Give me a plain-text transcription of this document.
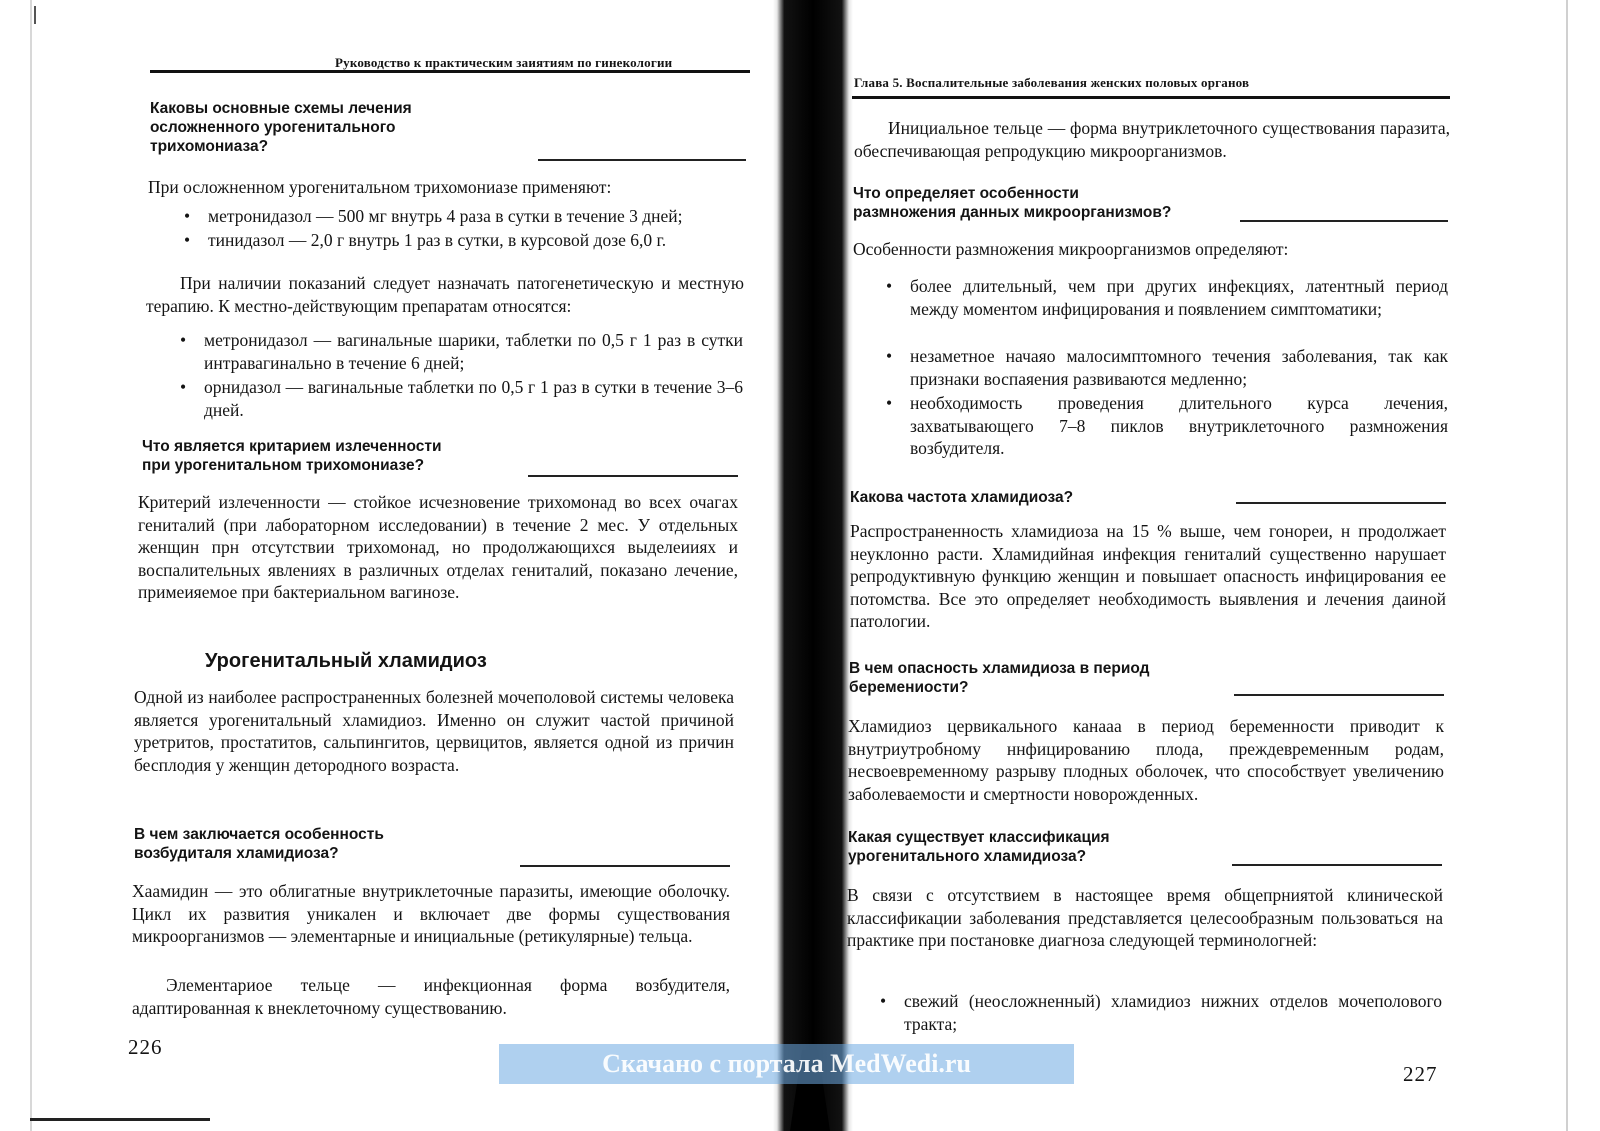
Руководство к практическим заиятиям по гинекологии
Каковы основные схемы лечения
осложненного урогенитального
трихомониаза?

При осложненном урогенитальном трихомониазе применяют:

• метронидазол — 500 мг внутрь 4 раза в сутки в течение 3 дней;
• тинидазол — 2,0 г внутрь 1 раз в сутки, в курсовой дозе 6,0 г.

При наличии показаний следует назначать патогенетическую и местную терапию. К местно-действующим препаратам относятся:

• метронидазол — вагинальные шарики, таблетки по 0,5 г 1 раз в сутки интравагинально в течение 6 дней;
• орнидазол — вагинальные таблетки по 0,5 г 1 раз в сутки в течение 3–6 дней.
Что является критарием излеченности
при урогенитальном трихомониазе?

Критерий излеченности — стойкое исчезновение трихомонад во всех очагах гениталий (при лабораторном исследовании) в течение 2 мес. У отдельных женщин прн отсутствии трихомонад, но продолжающихся выделеииях и воспалительных явлениях в различных отделах гениталий, показано лечение, примеияемое при бактериальном вагинозе.

Урогенитальный хламидиоз

Одной из наиболее распространенных болезней мочеполовой системы человека является урогенитальный хламидиоз. Именно он служит частой причиной уретритов, простатитов, сальпингитов, цервицитов, является одной из причин бесплодия у женщин детородного возраста.

В чем заключается особенность
возбудиталя хламидиоза?

Хаамидин — это облигатные внутриклеточные паразиты, имеющие оболочку. Цикл их развития уникален и включает две формы существования микроорганизмов — элементарные и инициальные (ретикулярные) тельца.

Элементариое тельце — инфекционная форма возбудителя, адаптированная к внеклеточному существованию.

226
Глава 5. Воспалительные заболевания женских половых органов

Инициальное тельце — форма внутриклеточного существования паразита, обеспечивающая репродукцию микроорганизмов.

Что определяет особенности
размножения данных микроорганизмов?

Особенности размножения микроорганизмов определяют:

• более длительный, чем при других инфекциях, латентный период между моментом инфицирования и появлением симптоматики;
• незаметное начаяо малосимптомного течения заболевания, так как признаки воспаяения развиваются медленно;
• необходимость проведения длительного курса лечения, захватывающего 7–8 пиклов внутриклеточного размножения возбудителя.
Какова частота хламидиоза?

Распространенность хламидиоза на 15 % выше, чем гонореи, н продолжает неуклонно расти. Хламидийная инфекция гениталий существенно нарушает репродуктивную функцию женщин и повышает опасность инфицирования ее потомства. Все это определяет необходимость выявления и лечения даиной патологии.

В чем опасность хламидиоза в период
беремениости?

Хламидиоз цервикального канааа в период беременности приводит к внутриутробному ннфицированию плода, преждевременным родам, несвоевременному разрыву плодных оболочек, что способствует увеличению заболеваемости и смертности новорожденных.

Какая существует классификация
урогенитального хламидиоза?

В связи с отсутствием в настоящее время общепрниятой клинической классификации заболевания представляется целесообразным пользоваться на практике при постановке диагноза следующей терминологней:

• свежий (неосложненный) хламидиоз нижних отделов мочеполового тракта;
227
Скачано с портала MedWedi.ru
